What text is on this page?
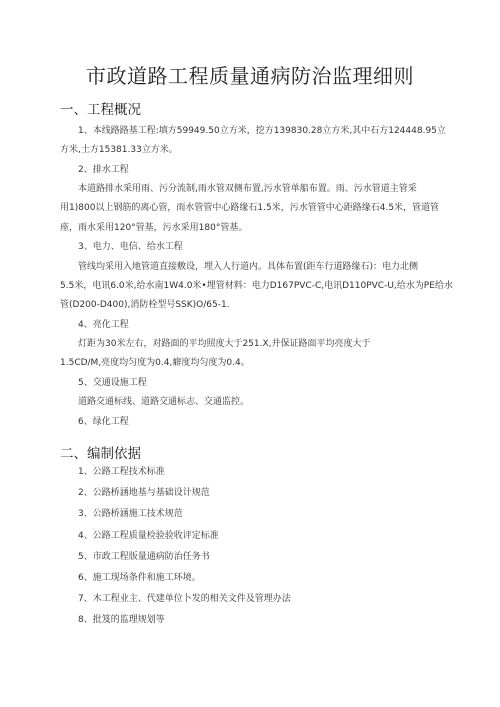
市政道路工程质量通病防治监理细则
一、工程概况
1、本线路路基工程:填方59949.50立方米，挖方139830.28立方米,其中石方124448.95立
方米,土方15381.33立方米。
2、排水工程
本道路排水采用雨、污分流制,雨水管双侧布置,污水管单船布置。雨、污水管道主管采
用1)800以上钢筋的离心管，雨水管管中心路缘石1.5米，污水管管中心距路缘石4.5米，管道管
座，雨水采用120°管基，污水采用180°管基。
3、电力、电信、给水工程
管线均采用入地管道直接敷设，埋入人行道内。具体布置(距车行道路缘石)：电力北侧
5.5米，电讯6.0米,给水南1W4.0米•埋管材料：电力D167PVC-C,电讯D110PVC-U,给水为PE给水
管(D200-D400),消防栓型号SSK)O/65-1.
4、亮化工程
灯距为30米左右，对路面的平均照度大于251.X,并保证路面平均亮度大于
1.5CD/M,亮度均匀度为0.4,癖度均匀度为0.4。
5、交通设施工程
道路交通标线、道路交通标志、交通监控。
6、绿化工程
二、编制依据
1、公路工程技术标准
2、公路桥涵地基与基础设计规范
3、公路桥涵施工技术规范
4、公路工程质量检验验收评定标准
5、市政工程版量通病防治任务书
6、施工现场条件和施工环境。
7、木工程业主、代建单位卜发的相关文件及管理办法
8、批笈的监理规划等
